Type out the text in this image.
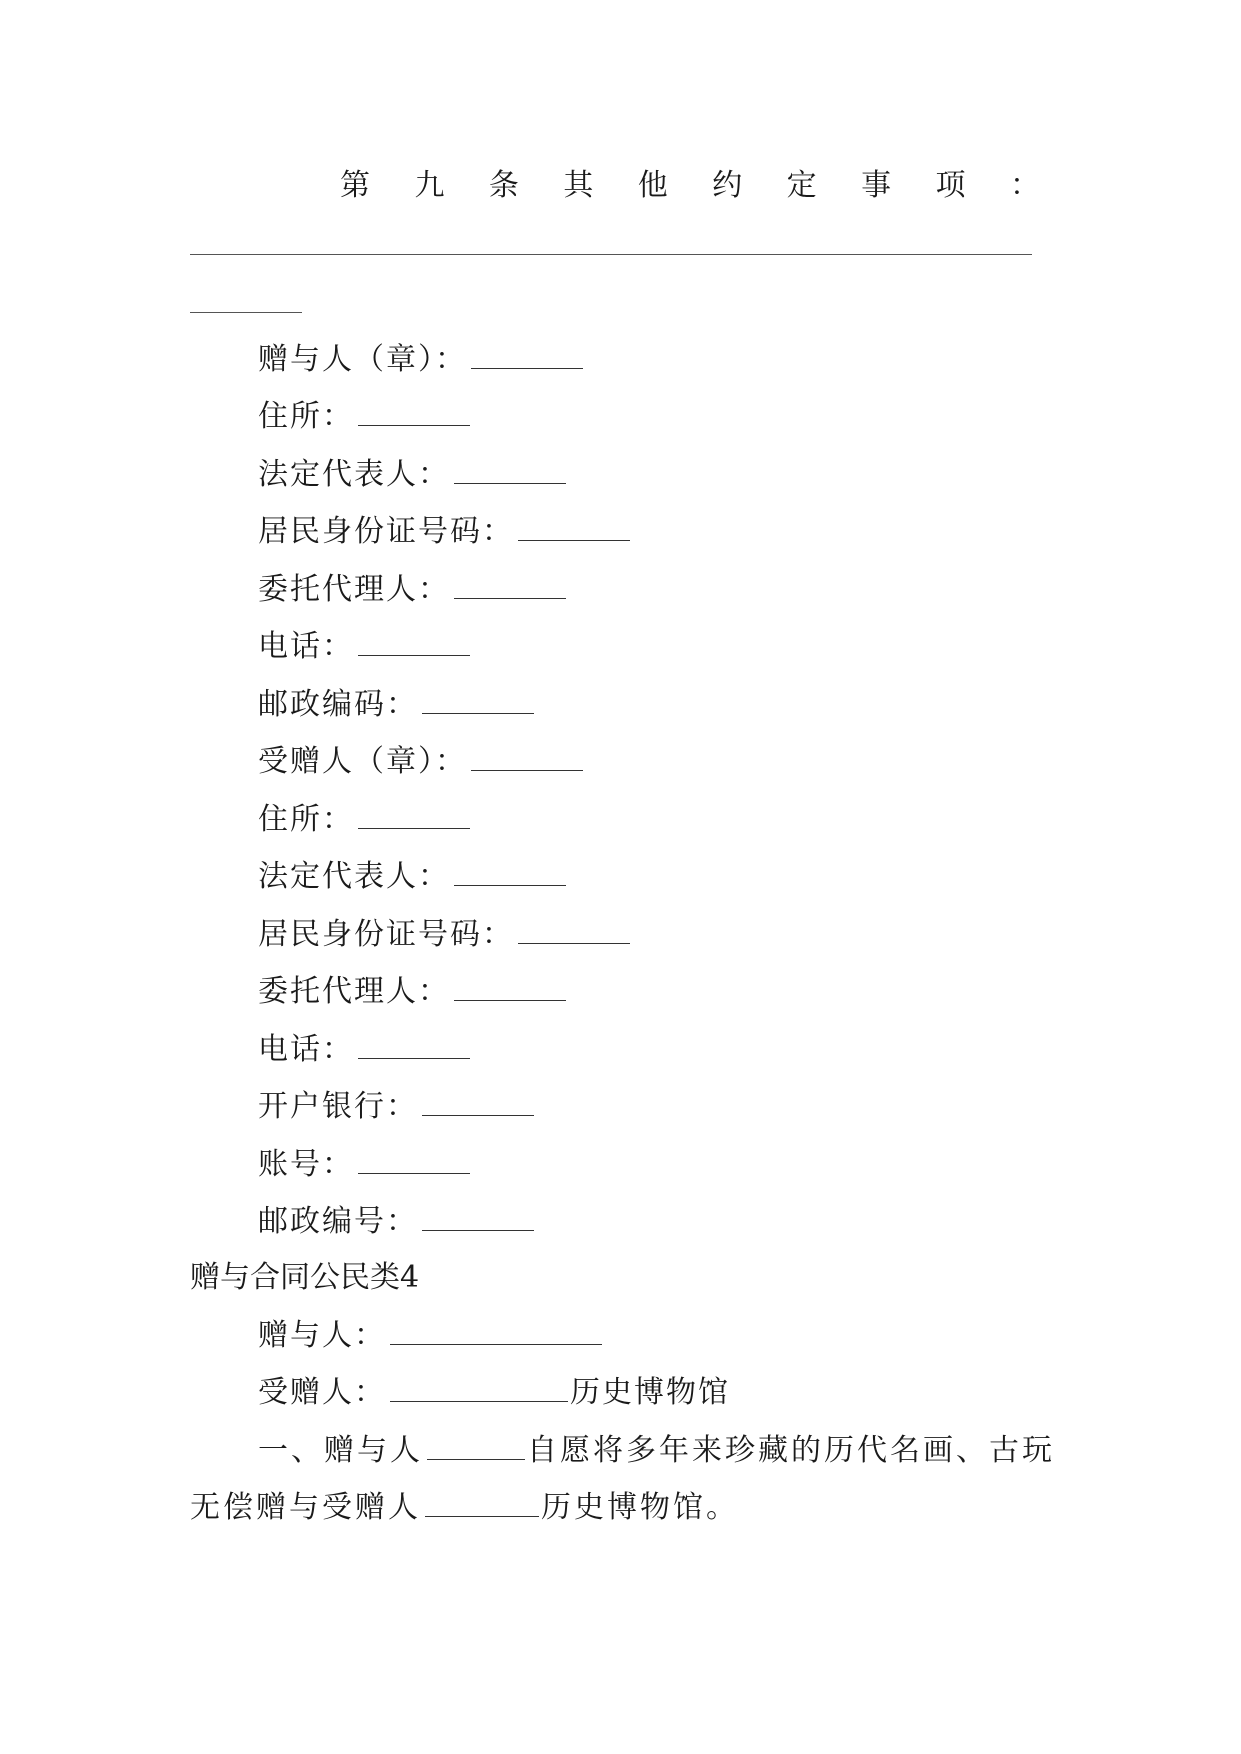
第 九 条 其 他 约 定 事 项 ：
赠与人（章）：
住所：
法定代表人：
居民身份证号码：
委托代理人：
电话：
邮政编码：
受赠人（章）：
住所：
法定代表人：
居民身份证号码：
委托代理人：
电话：
开户银行：
账号：
邮政编号：
赠与合同公民类4
赠与人：
受赠人：	历史博物馆
一、赠与人	自愿将多年来珍藏的历代名画、古玩
无偿赠与受赠人	历史博物馆。
